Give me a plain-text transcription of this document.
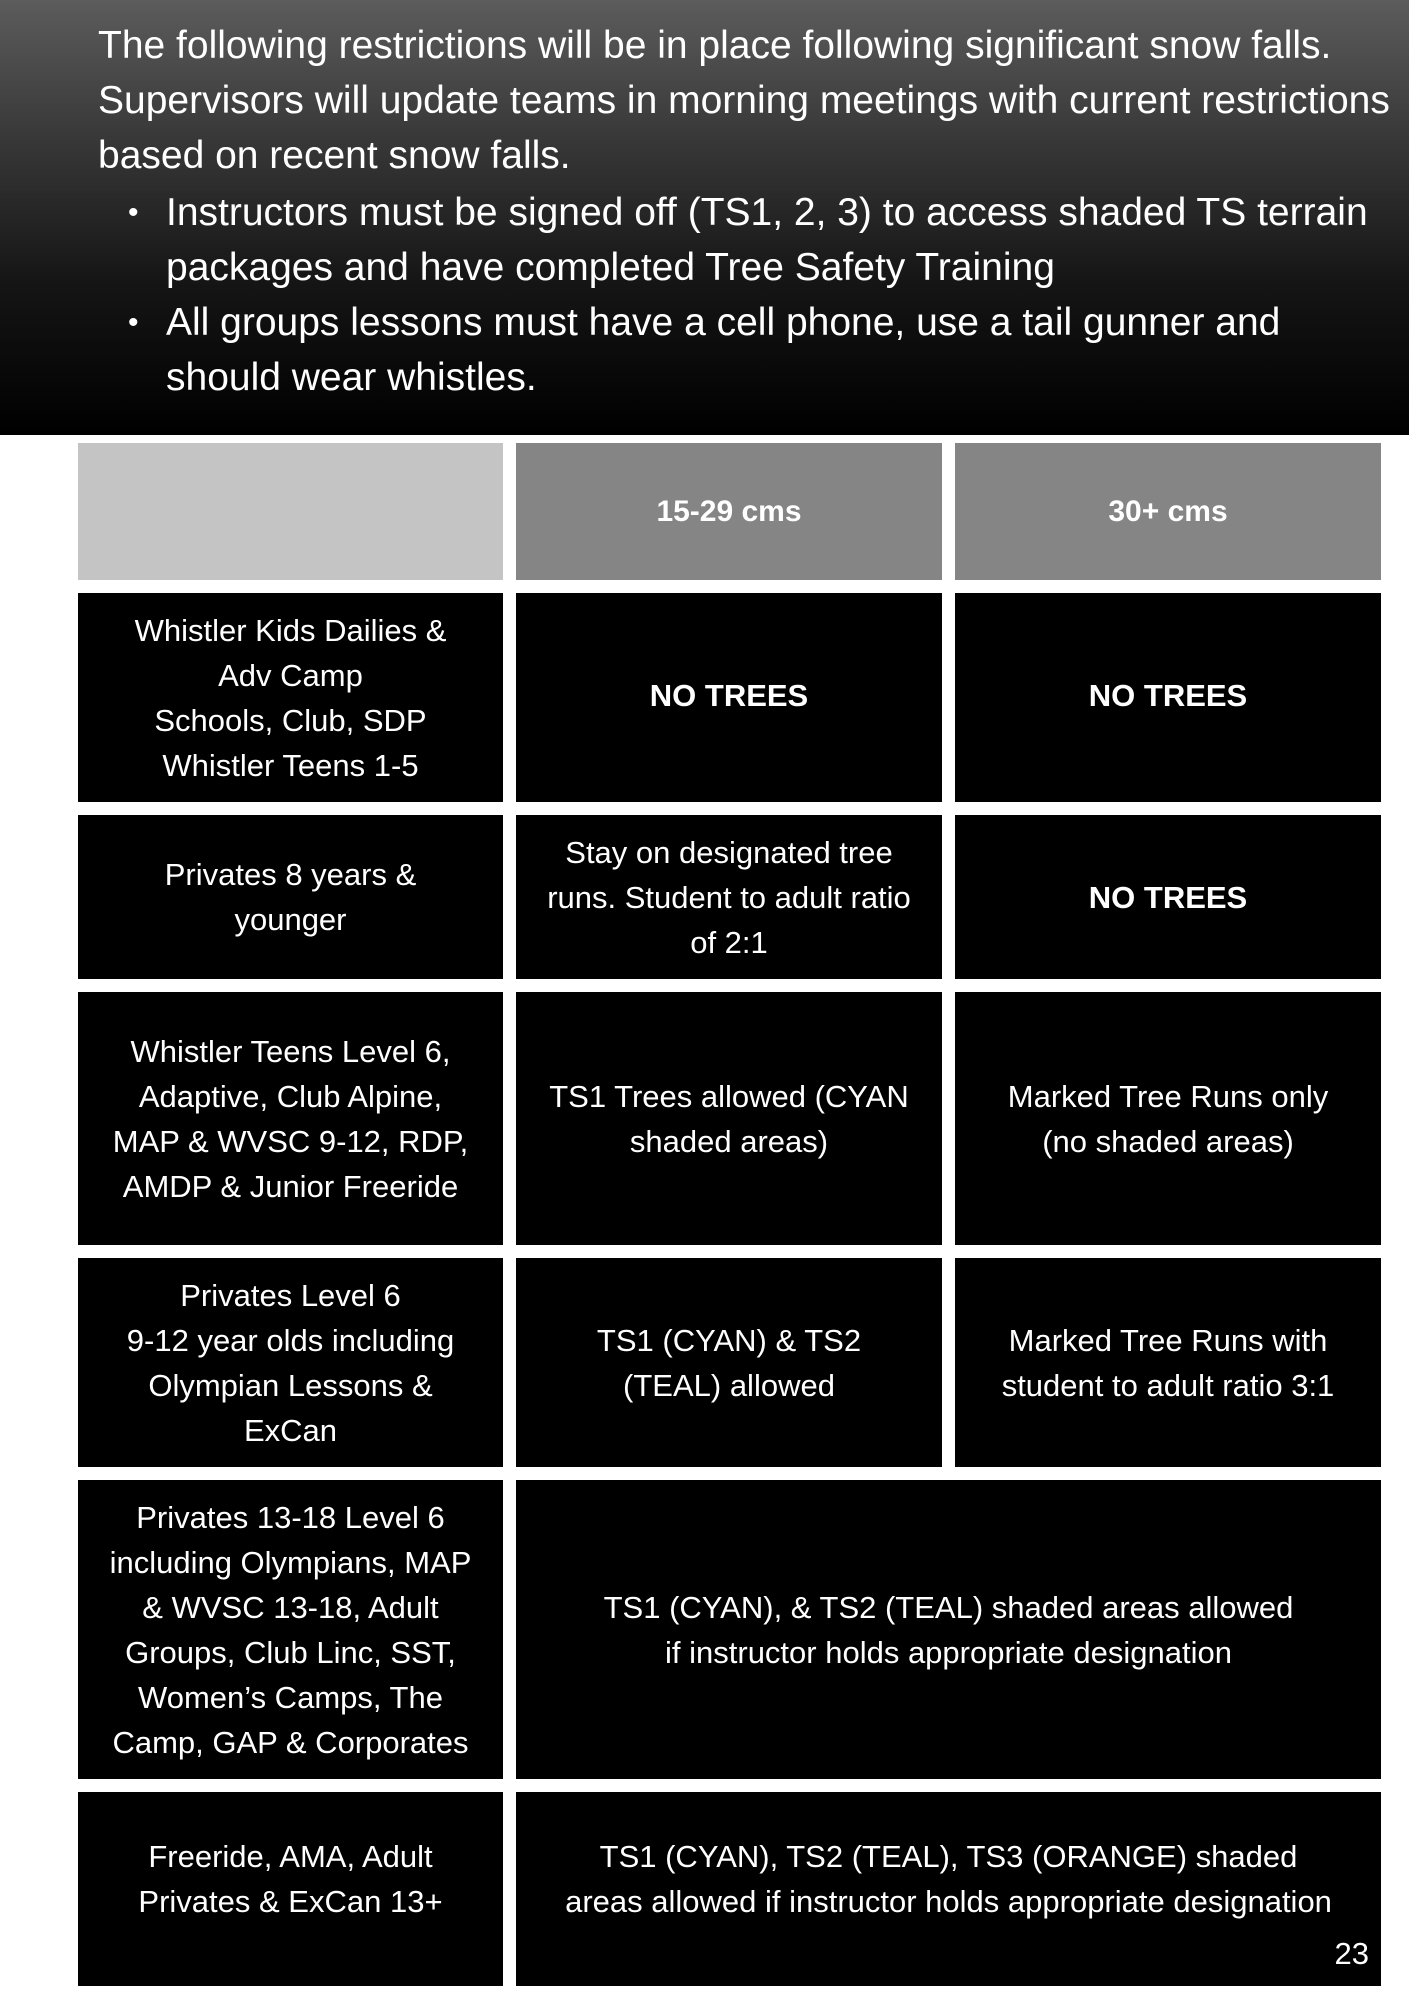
The following restrictions will be in place following significant snow falls. Supervisors will update teams in morning meetings with current restrictions based on recent snow falls.

• Instructors must be signed off (TS1, 2, 3) to access shaded TS terrain packages and have completed Tree Safety Training
• All groups lessons must have a cell phone, use a tail gunner and should wear whistles.
15-29 cms	30+ cms
Whistler Kids Dailies &
Adv Camp
Schools, Club, SDP
Whistler Teens 1-5
NO TREES	NO TREES
Privates 8 years &
younger
Stay on designated tree
runs. Student to adult ratio
of 2:1
NO TREES
Whistler Teens Level 6,
Adaptive, Club Alpine,
MAP & WVSC 9-12, RDP,
AMDP & Junior Freeride
TS1 Trees allowed (CYAN
shaded areas)
Marked Tree Runs only
(no shaded areas)
Privates Level 6
9-12 year olds including
Olympian Lessons &
ExCan
TS1 (CYAN) & TS2
(TEAL) allowed
Marked Tree Runs with
student to adult ratio 3:1
Privates 13-18 Level 6
including Olympians, MAP
& WVSC 13-18, Adult
Groups, Club Linc, SST,
Women’s Camps, The
Camp, GAP & Corporates
TS1 (CYAN), & TS2 (TEAL) shaded areas allowed
if instructor holds appropriate designation
Freeride, AMA, Adult
Privates & ExCan 13+
TS1 (CYAN), TS2 (TEAL), TS3 (ORANGE) shaded
areas allowed if instructor holds appropriate designation
23
